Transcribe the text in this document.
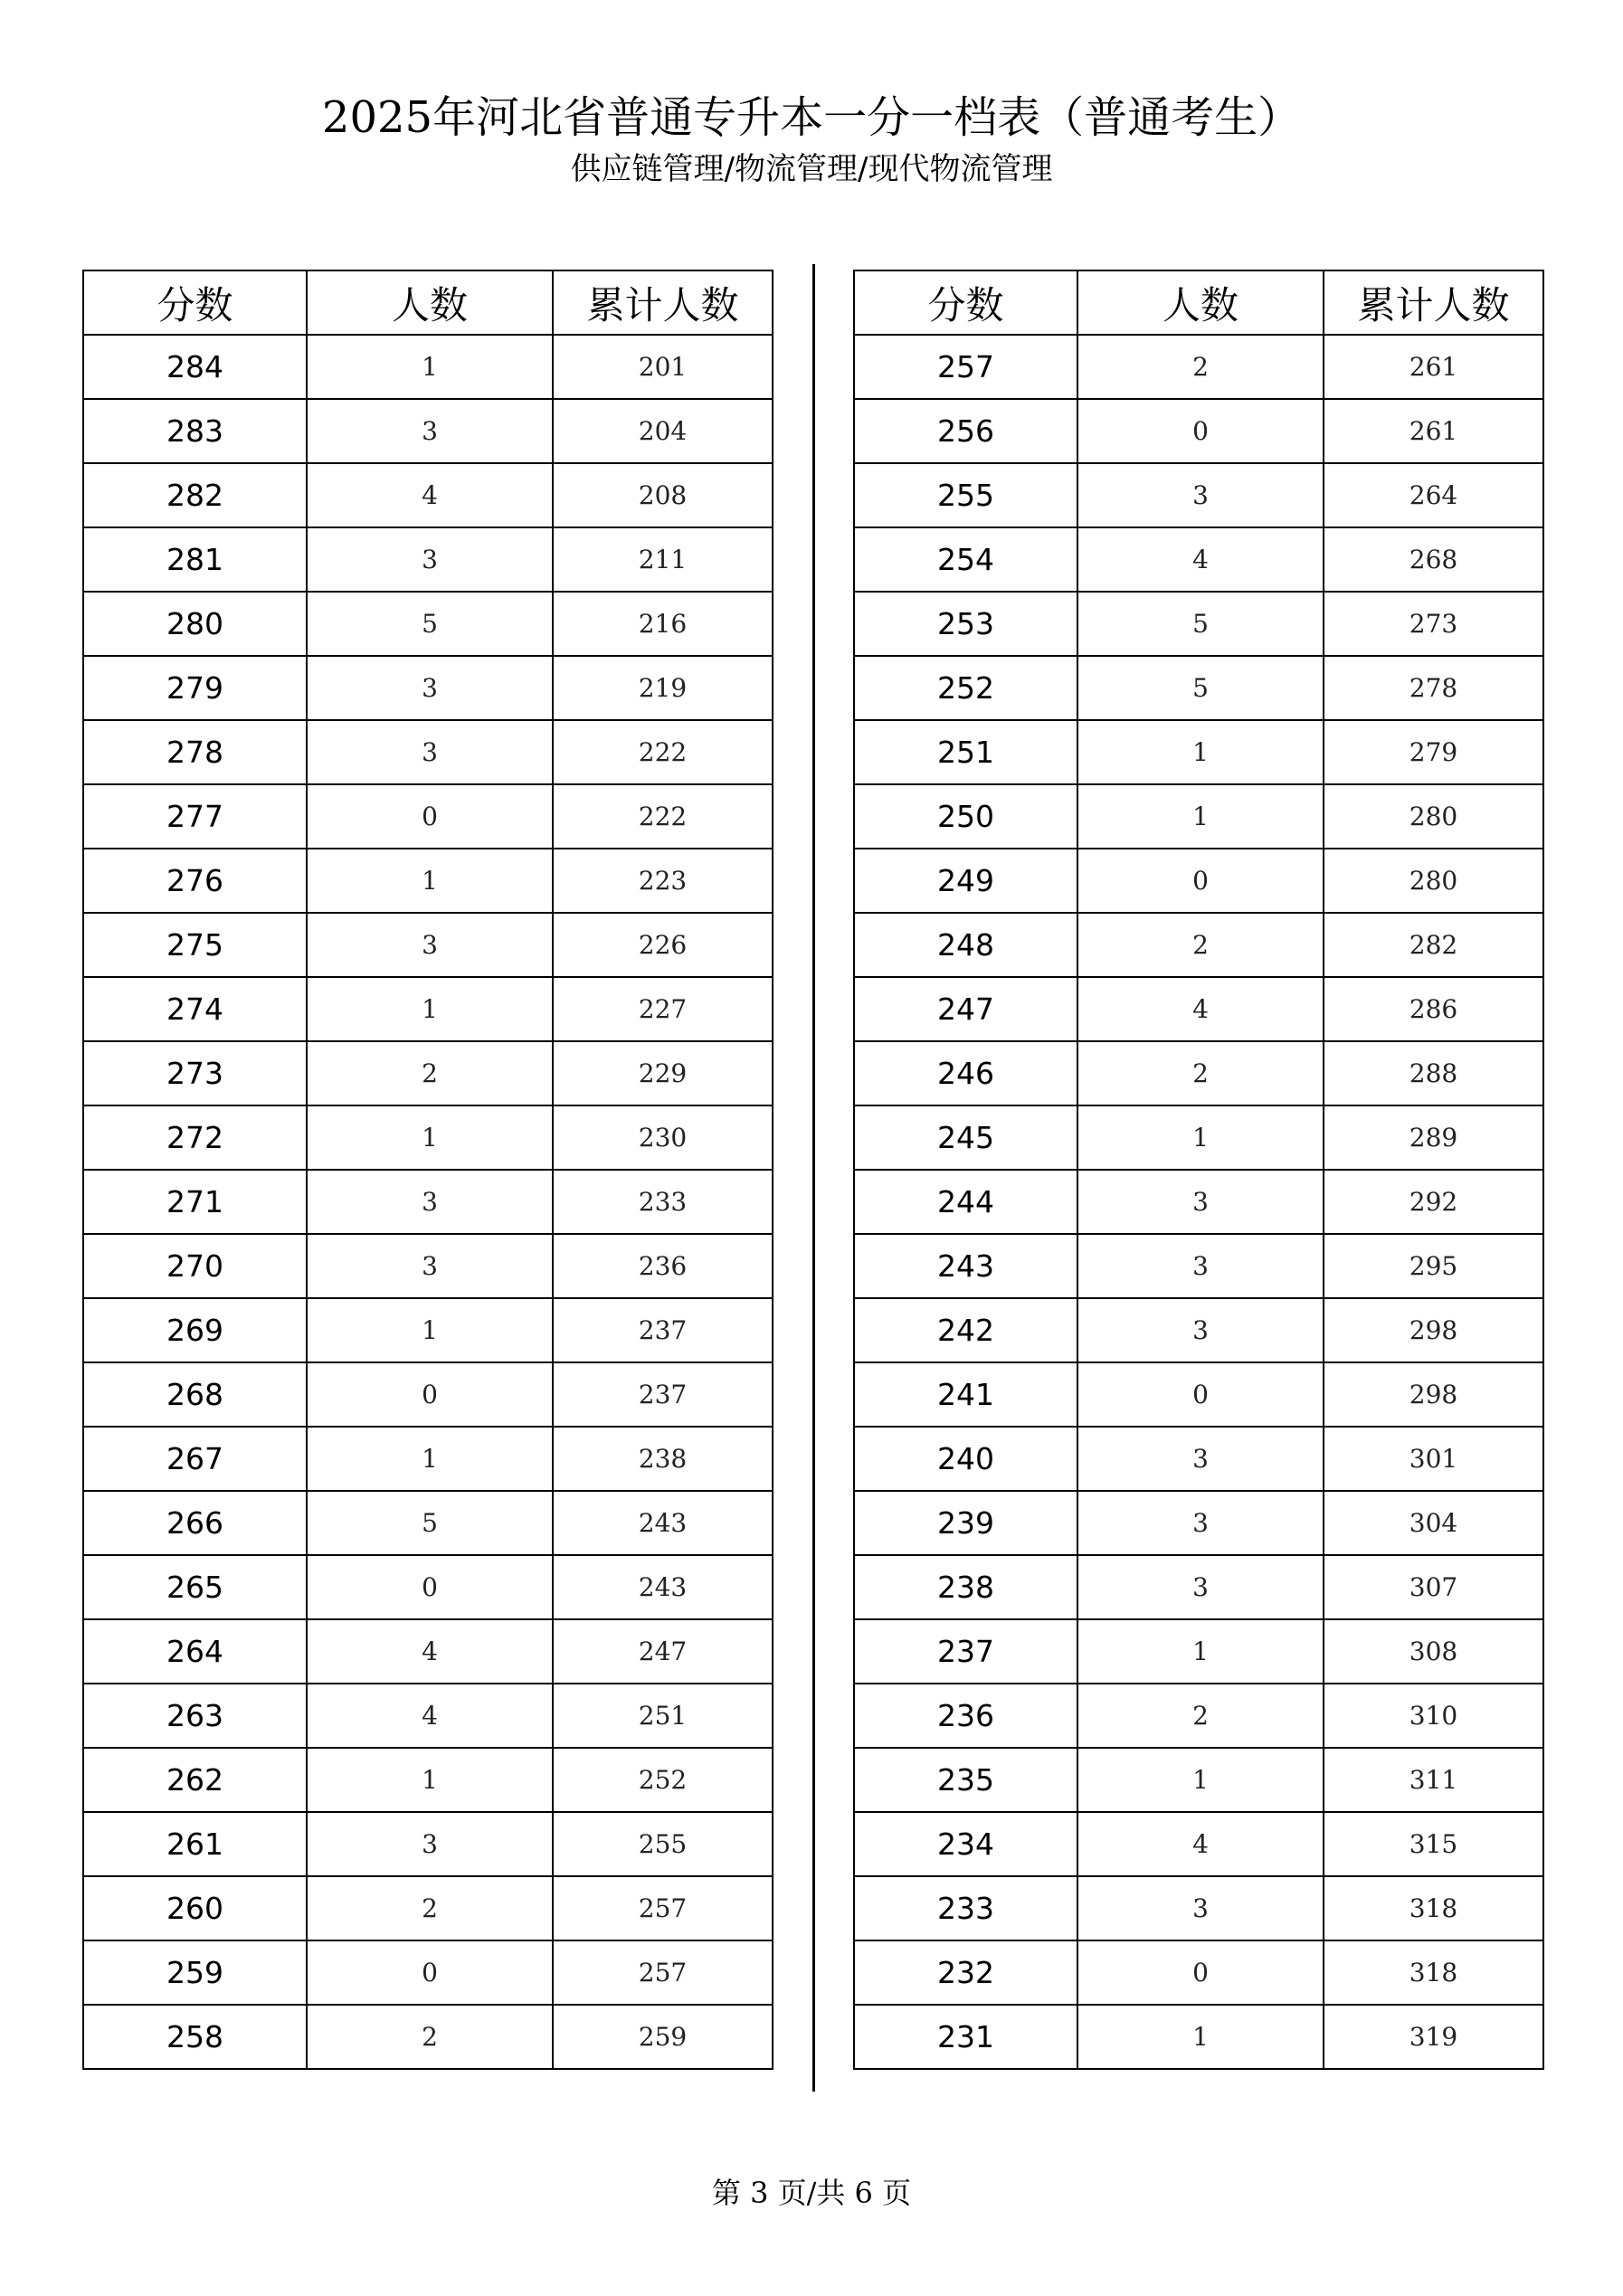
2025年河北省普通专升本一分一档表（普通考生）
供应链管理/物流管理/现代物流管理
分数	人数	累计人数
284	1	201
283	3	204
282	4	208
281	3	211
280	5	216
279	3	219
278	3	222
277	0	222
276	1	223
275	3	226
274	1	227
273	2	229
272	1	230
271	3	233
270	3	236
269	1	237
268	0	237
267	1	238
266	5	243
265	0	243
264	4	247
263	4	251
262	1	252
261	3	255
260	2	257
259	0	257
258	2	259
分数	人数	累计人数
257	2	261
256	0	261
255	3	264
254	4	268
253	5	273
252	5	278
251	1	279
250	1	280
249	0	280
248	2	282
247	4	286
246	2	288
245	1	289
244	3	292
243	3	295
242	3	298
241	0	298
240	3	301
239	3	304
238	3	307
237	1	308
236	2	310
235	1	311
234	4	315
233	3	318
232	0	318
231	1	319
第 3 页/共 6 页
